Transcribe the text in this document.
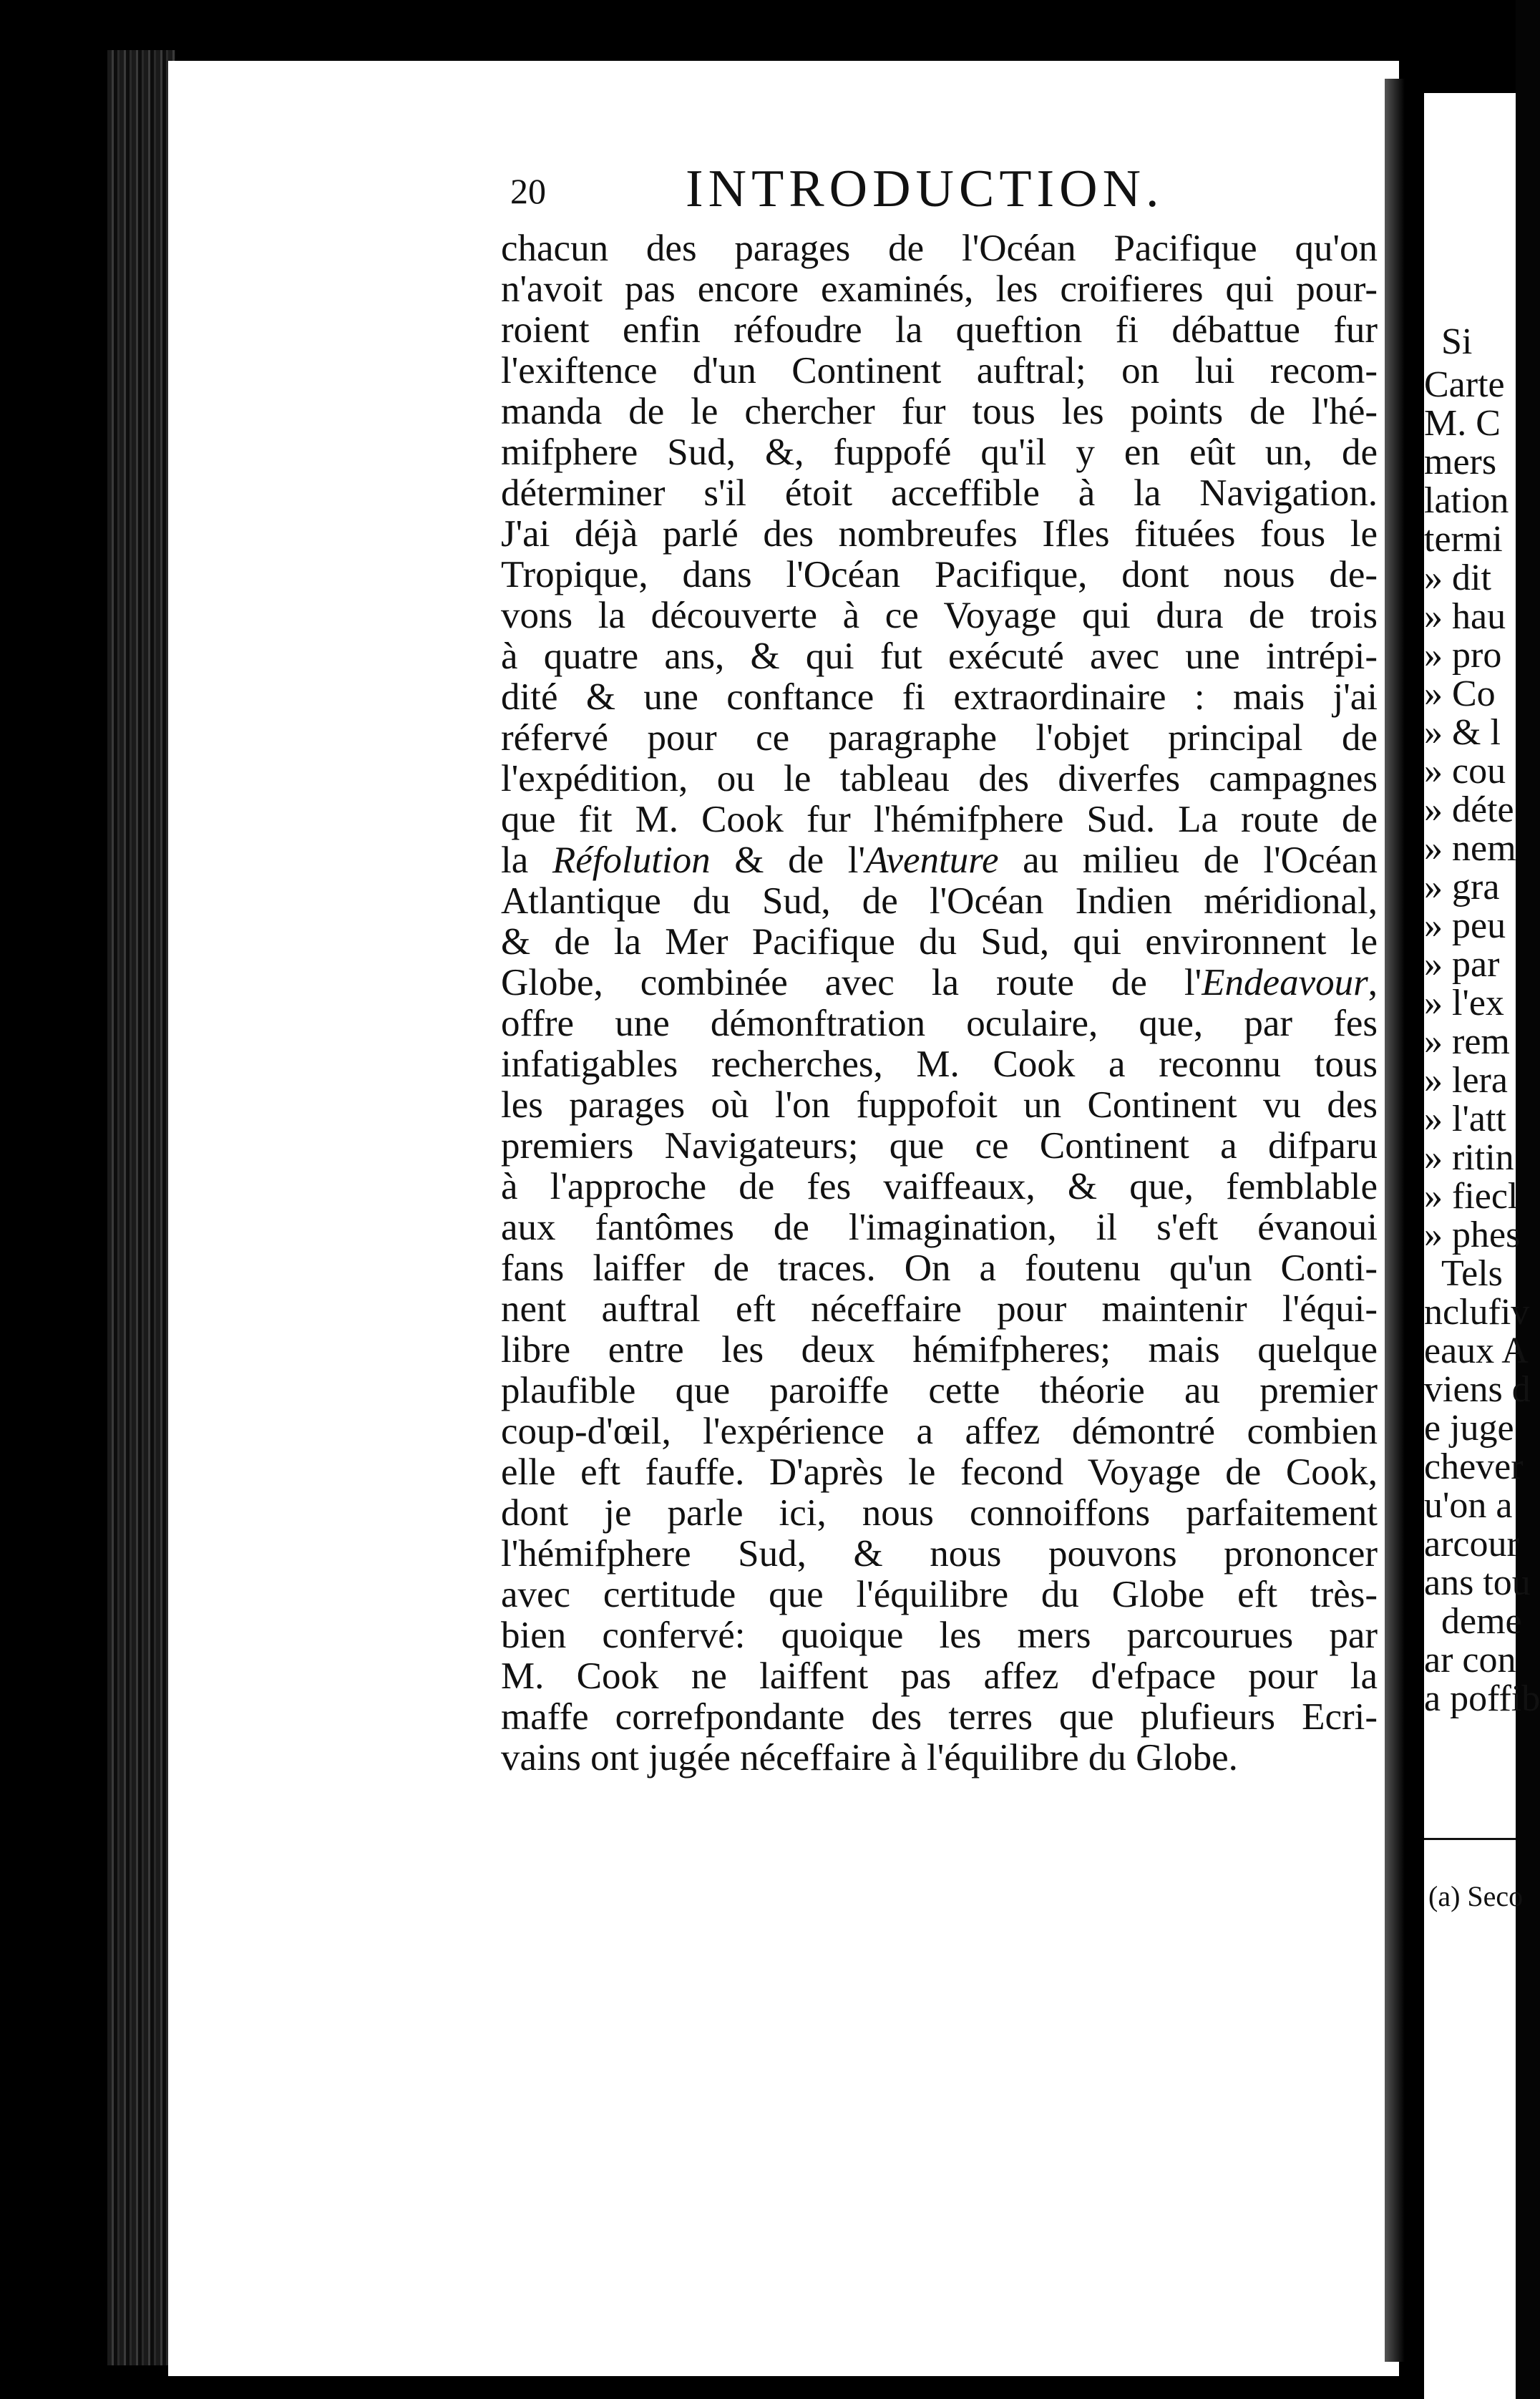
20	INTRODUCTION.
chacun des parages de l'Océan Pacifique qu'on
n'avoit pas encore examinés, les croifieres qui pour-
roient enfin réfoudre la queftion fi débattue fur
l'exiftence d'un Continent auftral; on lui recom-
manda de le chercher fur tous les points de l'hé-
mifphere Sud, &, fuppofé qu'il y en eût un, de
déterminer s'il étoit acceffible à la Navigation.
J'ai déjà parlé des nombreufes Ifles fituées fous le
Tropique, dans l'Océan Pacifique, dont nous de-
vons la découverte à ce Voyage qui dura de trois
à quatre ans, & qui fut exécuté avec une intrépi-
dité & une conftance fi extraordinaire : mais j'ai
réfervé pour ce paragraphe l'objet principal de
l'expédition, ou le tableau des diverfes campagnes
que fit M. Cook fur l'hémifphere Sud. La route de
la Réfolution & de l'Aventure au milieu de l'Océan
Atlantique du Sud, de l'Océan Indien méridional,
& de la Mer Pacifique du Sud, qui environnent le
Globe, combinée avec la route de l'Endeavour,
offre une démonftration oculaire, que, par fes
infatigables recherches, M. Cook a reconnu tous
les parages où l'on fuppofoit un Continent vu des
premiers Navigateurs; que ce Continent a difparu
à l'approche de fes vaiffeaux, & que, femblable
aux fantômes de l'imagination, il s'eft évanoui
fans laiffer de traces. On a foutenu qu'un Conti-
nent auftral eft néceffaire pour maintenir l'équi-
libre entre les deux hémifpheres; mais quelque
plaufible que paroiffe cette théorie au premier
coup-d'œil, l'expérience a affez démontré combien
elle eft fauffe. D'après le fecond Voyage de Cook,
dont je parle ici, nous connoiffons parfaitement
l'hémifphere Sud, & nous pouvons prononcer
avec certitude que l'équilibre du Globe eft très-
bien confervé: quoique les mers parcourues par
M. Cook ne laiffent pas affez d'efpace pour la
maffe correfpondante des terres que plufieurs Ecri-
vains ont jugée néceffaire à l'équilibre du Globe.
Si
Carte
M. C
mers
lation
termi
» dit
» hau
» pro
» Co
» & l
» cou
» déte
» nem
» gra
» peu
» par
» l'ex
» rem
» lera
» l'att
» ritin
» fiecl
» phes
Tels
nclufiv
eaux A
viens d
e juge
chever
u'on a
arcour
ans tou
deme
ar con
a poffib
(a) Seco
